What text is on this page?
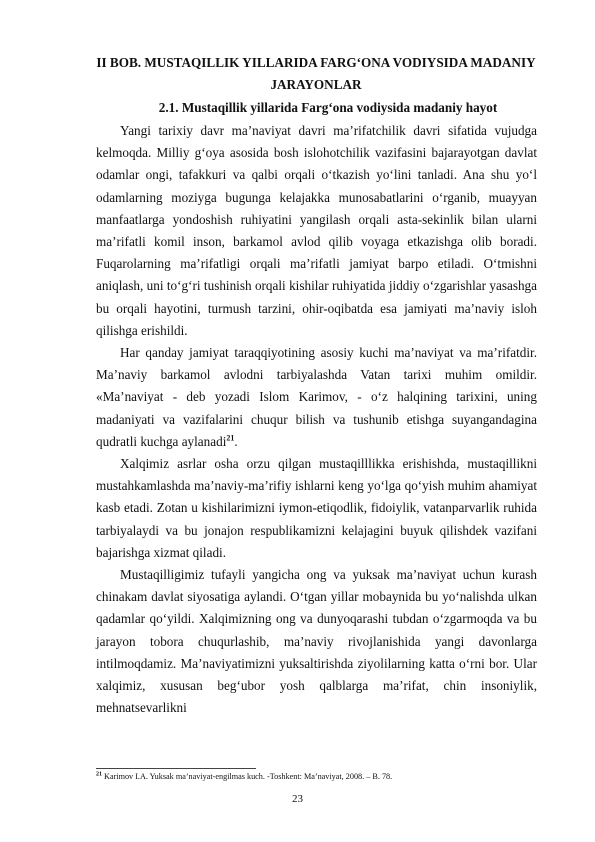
II BOB. MUSTAQILLIK YILLARIDA FARG‘ONA VODIYSIDA MADANIY JARAYONLAR
2.1. Mustaqillik yillarida Farg‘ona vodiysida madaniy hayot

Yangi tarixiy davr ma’naviyat davri ma’rifatchilik davri sifatida vujudga kelmoqda. Milliy g‘oya asosida bosh islohotchilik vazifasini bajarayotgan davlat odamlar ongi, tafakkuri va qalbi orqali o‘tkazish yo‘lini tanladi. Ana shu yo‘l odamlarning moziyga bugunga kelajakka munosabatlarini o‘rganib, muayyan manfaatlarga yondoshish ruhiyatini yangilash orqali asta-sekinlik bilan ularni ma’rifatli komil inson, barkamol avlod qilib voyaga etkazishga olib boradi. Fuqarolarning ma’rifatligi orqali ma’rifatli jamiyat barpo etiladi. O‘tmishni aniqlash, uni to‘g‘ri tushinish orqali kishilar ruhiyatida jiddiy o‘zgarishlar yasashga bu orqali hayotini, turmush tarzini, ohir-oqibatda esa jamiyati ma’naviy isloh qilishga erishildi.

Har qanday jamiyat taraqqiyotining asosiy kuchi ma’naviyat va ma’rifatdir. Ma’naviy barkamol avlodni tarbiyalashda Vatan tarixi muhim omildir. «Ma’naviyat - deb yozadi Islom Karimov, - o‘z halqining tarixini, uning madaniyati va vazifalarini chuqur bilish va tushunib etishga suyangandagina qudratli kuchga aylanadi$^{21}$.

Xalqimiz asrlar osha orzu qilgan mustaqilllikka erishishda, mustaqillikni mustahkamlashda ma’naviy-ma’rifiy ishlarni keng yo‘lga qo‘yish muhim ahamiyat kasb etadi. Zotan u kishilarimizni iymon-etiqodlik, fidoiylik, vatanparvarlik ruhida tarbiyalaydi va bu jonajon respublikamizni kelajagini buyuk qilishdek vazifani bajarishga xizmat qiladi.

Mustaqilligimiz tufayli yangicha ong va yuksak ma’naviyat uchun kurash chinakam davlat siyosatiga aylandi. O‘tgan yillar mobaynida bu yo‘nalishda ulkan qadamlar qo‘yildi. Xalqimizning ong va dunyoqarashi tubdan o‘zgarmoqda va bu jarayon tobora chuqurlashib, ma’naviy rivojlanishida yangi davonlarga intilmoqdamiz. Ma’naviyatimizni yuksaltirishda ziyolilarning katta o‘rni bor. Ular xalqimiz, xususan beg‘ubor yosh qalblarga ma’rifat, chin insoniylik, mehnatsevarlikni

$^{21}$ Karimov I.A. Yuksak ma’naviyat-engilmas kuch. -Toshkent: Ma’naviyat, 2008. – B. 78.
23
